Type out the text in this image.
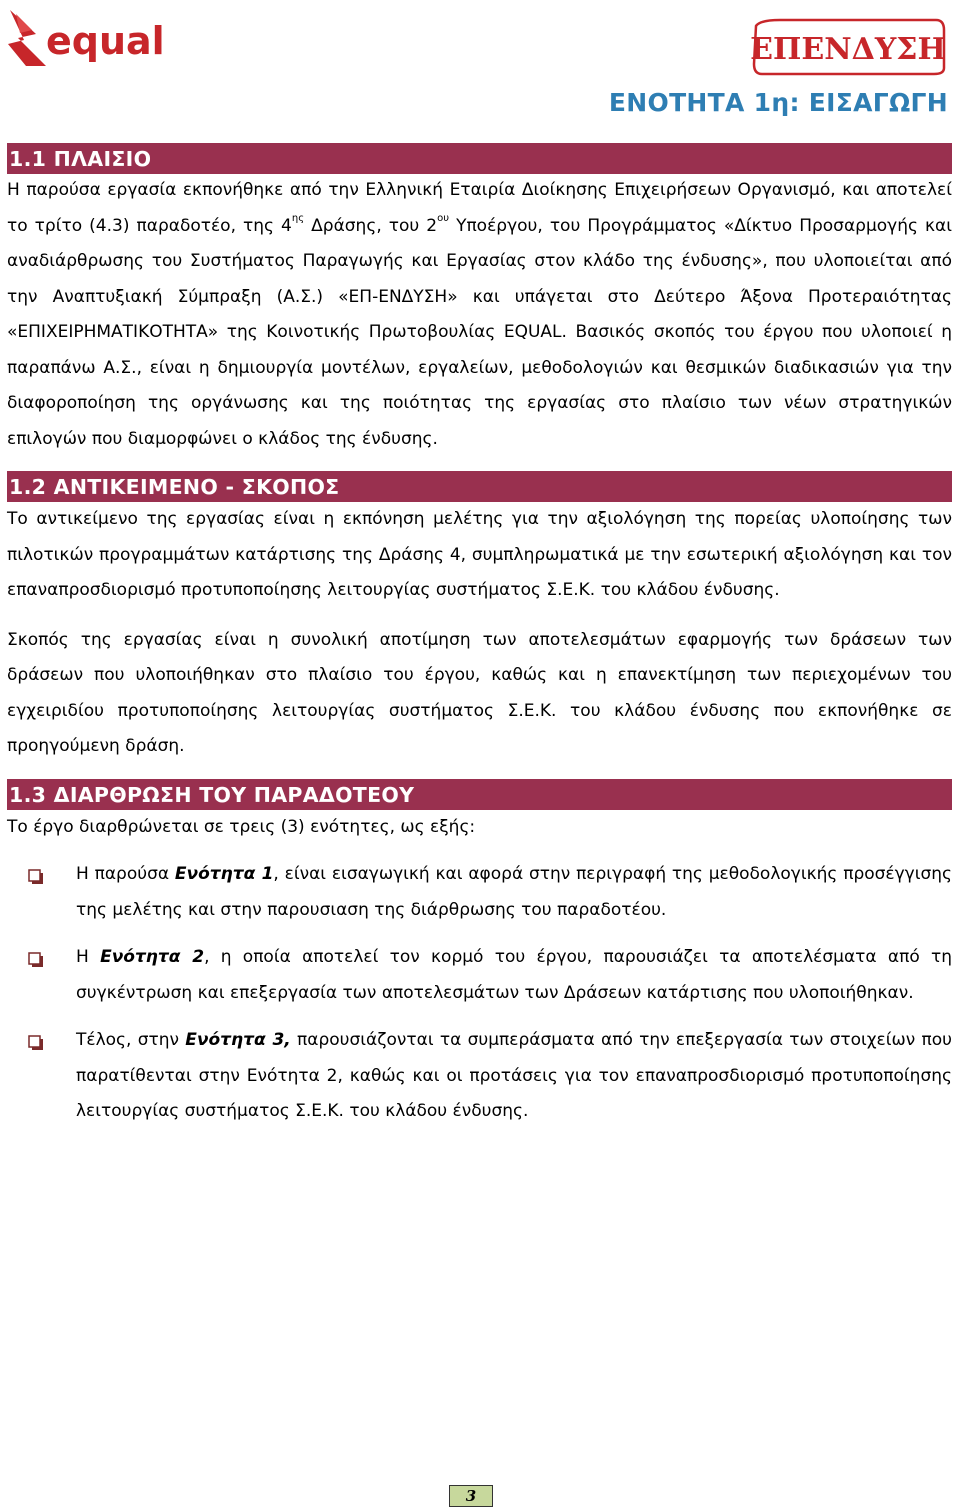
equal	ΕΠΕΝΔΥΣΗ
ΕΝΟΤΗΤΑ 1η: ΕΙΣΑΓΩΓΗ
1.1 ΠΛΑΙΣΙΟ

Η παρούσα εργασία εκπονήθηκε από την Ελληνική Εταιρία Διοίκησης Επιχειρήσεων Οργανισμό, και αποτελεί το τρίτο (4.3) παραδοτέο, της $4^{\eta\varsigma}$ Δράσης, του $2^{o\upsilon}$ Υποέργου, του Προγράμματος «Δίκτυο Προσαρμογής και αναδιάρθρωσης του Συστήματος Παραγωγής και Εργασίας στον κλάδο της ένδυσης», που υλοποιείται από την Αναπτυξιακή Σύμπραξη (Α.Σ.) «ΕΠ-ΕΝΔΥΣΗ» και υπάγεται στο Δεύτερο Άξονα Προτεραιότητας «ΕΠΙΧΕΙΡΗΜΑΤΙΚΟΤΗΤΑ» της Κοινοτικής Πρωτοβουλίας EQUAL. Βασικός σκοπός του έργου που υλοποιεί η παραπάνω Α.Σ., είναι η δημιουργία μοντέλων, εργαλείων, μεθοδολογιών και θεσμικών διαδικασιών για την διαφοροποίηση της οργάνωσης και της ποιότητας της εργασίας στο πλαίσιο των νέων στρατηγικών επιλογών που διαμορφώνει ο κλάδος της ένδυσης.

1.2 ΑΝΤΙΚΕΙΜΕΝΟ - ΣΚΟΠΟΣ

Το αντικείμενο της εργασίας είναι η εκπόνηση μελέτης για την αξιολόγηση της πορείας υλοποίησης των πιλοτικών προγραμμάτων κατάρτισης της Δράσης 4, συμπληρωματικά με την εσωτερική αξιολόγηση και τον επαναπροσδιορισμό προτυποποίησης λειτουργίας συστήματος Σ.Ε.Κ. του κλάδου ένδυσης.

Σκοπός της εργασίας είναι η συνολική αποτίμηση των αποτελεσμάτων εφαρμογής των δράσεων των δράσεων που υλοποιήθηκαν στο πλαίσιο του έργου, καθώς και η επανεκτίμηση των περιεχομένων του εγχειριδίου προτυποποίησης λειτουργίας συστήματος Σ.Ε.Κ. του κλάδου ένδυσης που εκπονήθηκε σε προηγούμενη δράση.

1.3 ΔΙΑΡΘΡΩΣΗ ΤΟΥ ΠΑΡΑΔΟΤΕΟΥ

Το έργο διαρθρώνεται σε τρεις (3) ενότητες, ως εξής:

Η παρούσα Ενότητα 1, είναι εισαγωγική και αφορά στην περιγραφή της μεθοδολογικής προσέγγισης της μελέτης και στην παρουσιαση της διάρθρωσης του παραδοτέου.
Η Ενότητα 2, η οποία αποτελεί τον κορμό του έργου, παρουσιάζει τα αποτελέσματα από τη συγκέντρωση και επεξεργασία των αποτελεσμάτων των Δράσεων κατάρτισης που υλοποιήθηκαν.
Τέλος, στην Ενότητα 3, παρουσιάζονται τα συμπεράσματα από την επεξεργασία των στοιχείων που παρατίθενται στην Ενότητα 2, καθώς και οι προτάσεις για τον επαναπροσδιορισμό προτυποποίησης λειτουργίας συστήματος Σ.Ε.Κ. του κλάδου ένδυσης.
3
